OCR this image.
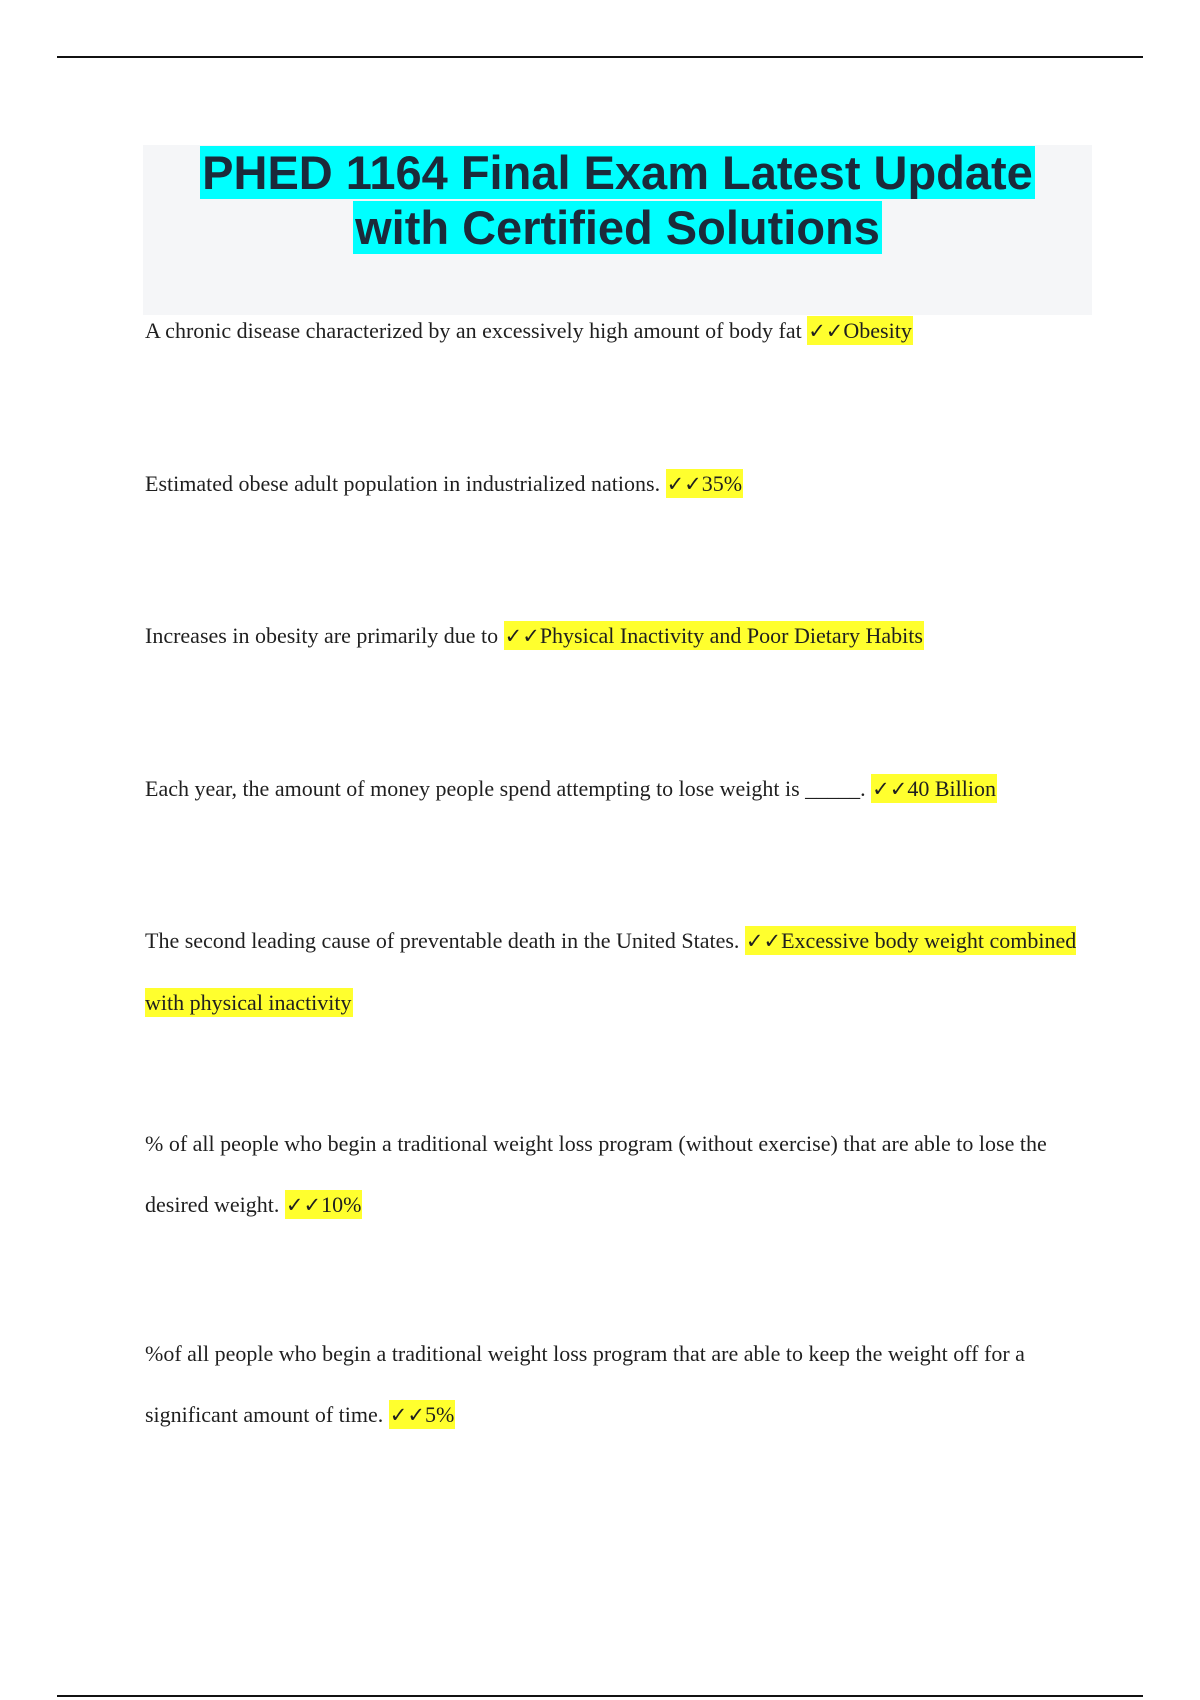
PHED 1164 Final Exam Latest Update
with Certified Solutions

A chronic disease characterized by an excessively high amount of body fat ✓✓Obesity

Estimated obese adult population in industrialized nations. ✓✓35%

Increases in obesity are primarily due to ✓✓Physical Inactivity and Poor Dietary Habits

Each year, the amount of money people spend attempting to lose weight is _____. ✓✓40 Billion

The second leading cause of preventable death in the United States. ✓✓Excessive body weight combined with physical inactivity

% of all people who begin a traditional weight loss program (without exercise) that are able to lose the desired weight. ✓✓10%

%of all people who begin a traditional weight loss program that are able to keep the weight off for a significant amount of time. ✓✓5%
